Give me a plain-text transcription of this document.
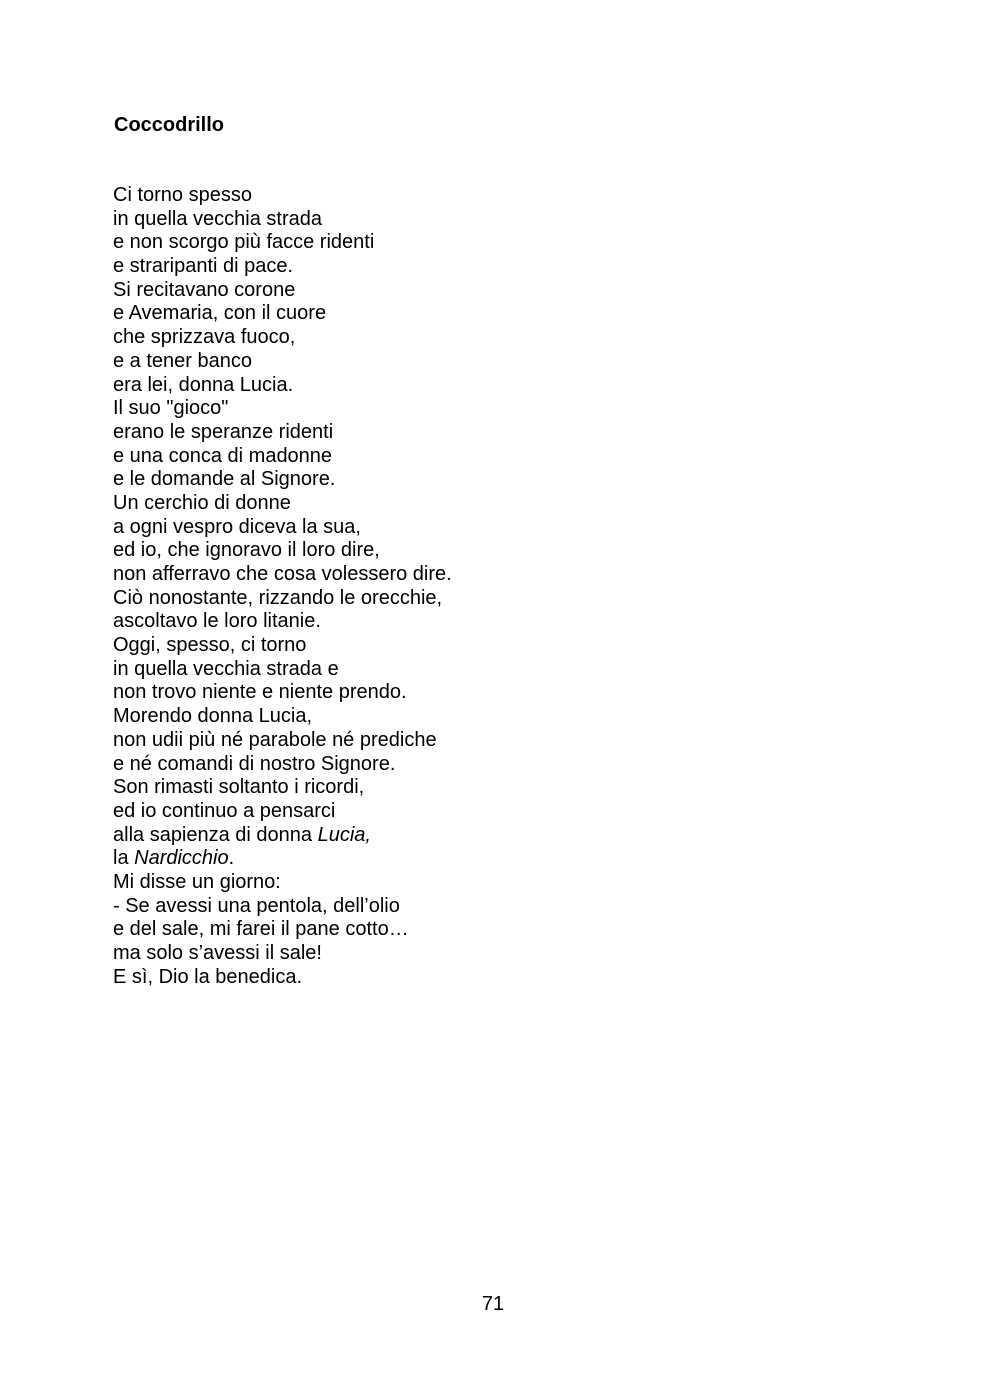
Coccodrillo
Ci torno spesso
in quella vecchia strada
e non scorgo più facce ridenti
e straripanti di pace.
Si recitavano corone
e Avemaria, con il cuore
che sprizzava fuoco,
e a tener banco
era lei, donna Lucia.
Il suo "gioco"
erano le speranze ridenti
e una conca di madonne
e le domande al Signore.
Un cerchio di donne
a ogni vespro diceva la sua,
ed io, che ignoravo il loro dire,
non afferravo che cosa volessero dire.
Ciò nonostante, rizzando le orecchie,
ascoltavo le loro litanie.
Oggi, spesso, ci torno
in quella vecchia strada e
non trovo niente e niente prendo.
Morendo donna Lucia,
non udii più né parabole né prediche
e né comandi di nostro Signore.
Son rimasti soltanto i ricordi,
ed io continuo a pensarci
alla sapienza di donna Lucia,
la Nardicchio.
Mi disse un giorno:
- Se avessi una pentola, dell’olio
e del sale, mi farei il pane cotto…
ma solo s’avessi il sale!
E sì, Dio la benedica.
71
